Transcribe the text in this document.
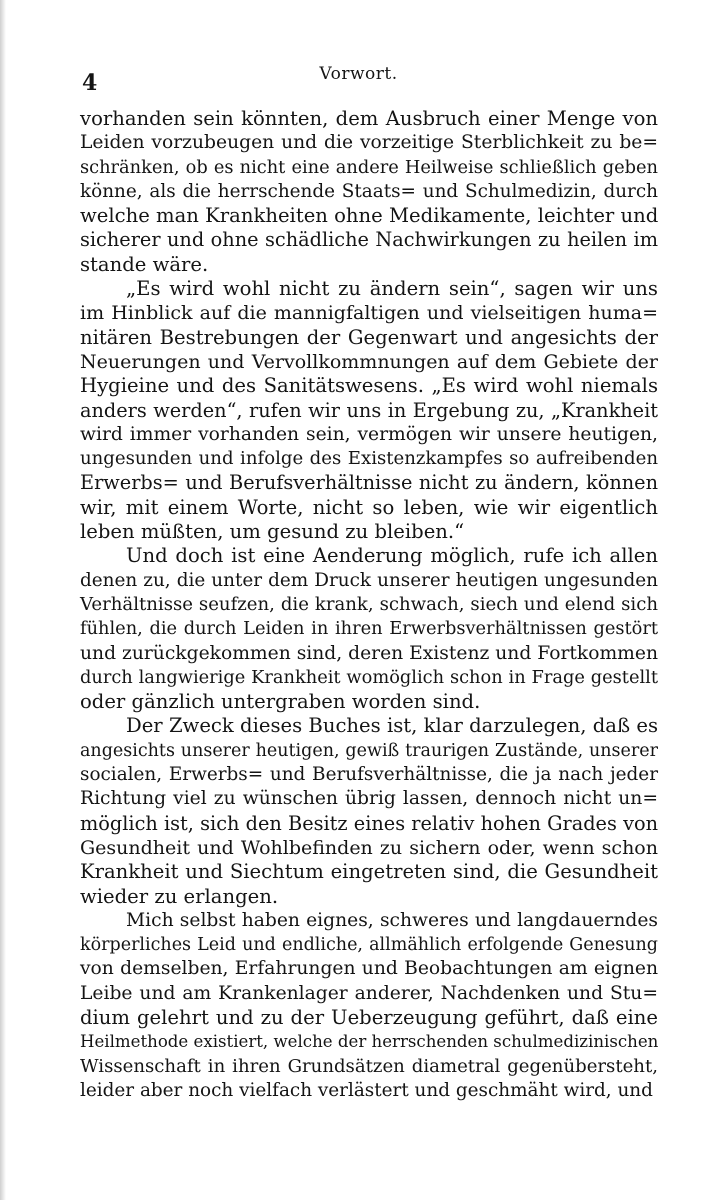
4	Vorwort.
vorhanden sein könnten, dem Ausbruch einer Menge von
Leiden vorzubeugen und die vorzeitige Sterblichkeit zu be=
schränken, ob es nicht eine andere Heilweise schließlich geben
könne, als die herrschende Staats= und Schulmedizin, durch
welche man Krankheiten ohne Medikamente, leichter und
sicherer und ohne schädliche Nachwirkungen zu heilen im
stande wäre.
„Es wird wohl nicht zu ändern sein“, sagen wir uns
im Hinblick auf die mannigfaltigen und vielseitigen huma=
nitären Bestrebungen der Gegenwart und angesichts der
Neuerungen und Vervollkommnungen auf dem Gebiete der
Hygieine und des Sanitätswesens. „Es wird wohl niemals
anders werden“, rufen wir uns in Ergebung zu, „Krankheit
wird immer vorhanden sein, vermögen wir unsere heutigen,
ungesunden und infolge des Existenzkampfes so aufreibenden
Erwerbs= und Berufsverhältnisse nicht zu ändern, können
wir, mit einem Worte, nicht so leben, wie wir eigentlich
leben müßten, um gesund zu bleiben.“
Und doch ist eine Aenderung möglich, rufe ich allen
denen zu, die unter dem Druck unserer heutigen ungesunden
Verhältnisse seufzen, die krank, schwach, siech und elend sich
fühlen, die durch Leiden in ihren Erwerbsverhältnissen gestört
und zurückgekommen sind, deren Existenz und Fortkommen
durch langwierige Krankheit womöglich schon in Frage gestellt
oder gänzlich untergraben worden sind.
Der Zweck dieses Buches ist, klar darzulegen, daß es
angesichts unserer heutigen, gewiß traurigen Zustände, unserer
socialen, Erwerbs= und Berufsverhältnisse, die ja nach jeder
Richtung viel zu wünschen übrig lassen, dennoch nicht un=
möglich ist, sich den Besitz eines relativ hohen Grades von
Gesundheit und Wohlbefinden zu sichern oder, wenn schon
Krankheit und Siechtum eingetreten sind, die Gesundheit
wieder zu erlangen.
Mich selbst haben eignes, schweres und langdauerndes
körperliches Leid und endliche, allmählich erfolgende Genesung
von demselben, Erfahrungen und Beobachtungen am eignen
Leibe und am Krankenlager anderer, Nachdenken und Stu=
dium gelehrt und zu der Ueberzeugung geführt, daß eine
Heilmethode existiert, welche der herrschenden schulmedizinischen
Wissenschaft in ihren Grundsätzen diametral gegenübersteht,
leider aber noch vielfach verlästert und geschmäht wird, und
